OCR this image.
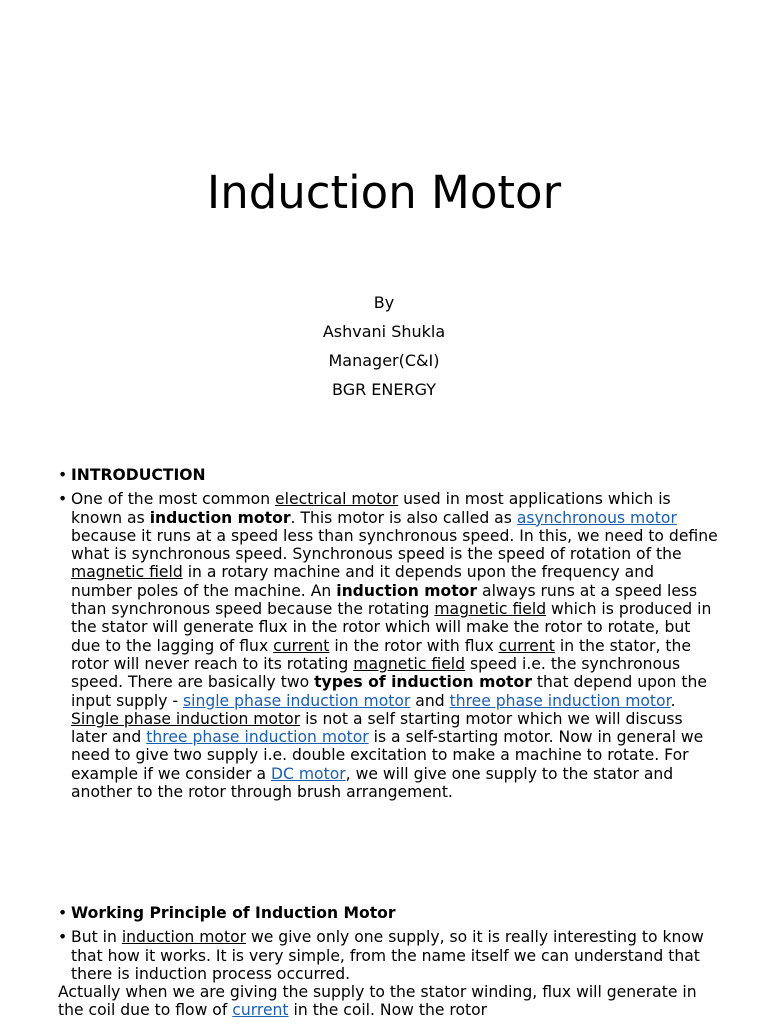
Induction Motor
By
Ashvani Shukla
Manager(C&I)
BGR ENERGY

• INTRODUCTION

• One of the most common electrical motor used in most applications which is known as induction motor. This motor is also called as asynchronous motor because it runs at a speed less than synchronous speed. In this, we need to define what is synchronous speed. Synchronous speed is the speed of rotation of the magnetic field in a rotary machine and it depends upon the frequency and number poles of the machine. An induction motor always runs at a speed less than synchronous speed because the rotating magnetic field which is produced in the stator will generate flux in the rotor which will make the rotor to rotate, but due to the lagging of flux current in the rotor with flux current in the stator, the rotor will never reach to its rotating magnetic field speed i.e. the synchronous speed. There are basically two types of induction motor that depend upon the input supply - single phase induction motor and three phase induction motor. Single phase induction motor is not a self starting motor which we will discuss later and three phase induction motor is a self-starting motor. Now in general we need to give two supply i.e. double excitation to make a machine to rotate. For example if we consider a DC motor, we will give one supply to the stator and another to the rotor through brush arrangement.

• Working Principle of Induction Motor

• But in induction motor we give only one supply, so it is really interesting to know that how it works. It is very simple, from the name itself we can understand that there is induction process occurred.

Actually when we are giving the supply to the stator winding, flux will generate in the coil due to flow of current in the coil. Now the rotor
